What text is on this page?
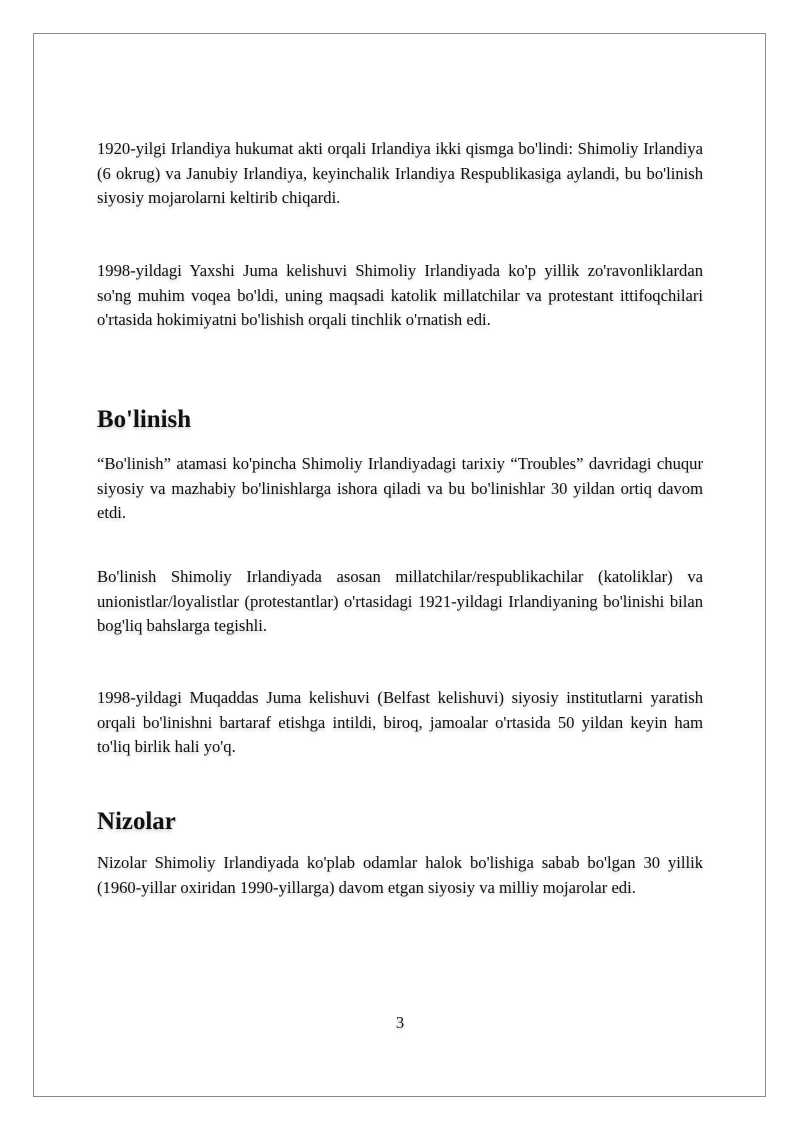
1920-yilgi Irlandiya hukumat akti orqali Irlandiya ikki qismga bo'lindi: Shimoliy Irlandiya (6 okrug) va Janubiy Irlandiya, keyinchalik Irlandiya Respublikasiga aylandi, bu bo'linish siyosiy mojarolarni keltirib chiqardi.

1998-yildagi Yaxshi Juma kelishuvi Shimoliy Irlandiyada ko'p yillik zo'ravonliklardan so'ng muhim voqea bo'ldi, uning maqsadi katolik millatchilar va protestant ittifoqchilari o'rtasida hokimiyatni bo'lishish orqali tinchlik o'rnatish edi.

Bo'linish

“Bo'linish” atamasi ko'pincha Shimoliy Irlandiyadagi tarixiy “Troubles” davridagi chuqur siyosiy va mazhabiy bo'linishlarga ishora qiladi va bu bo'linishlar 30 yildan ortiq davom etdi.

Bo'linish Shimoliy Irlandiyada asosan millatchilar/respublikachilar (katoliklar) va unionistlar/loyalistlar (protestantlar) o'rtasidagi 1921-yildagi Irlandiyaning bo'linishi bilan bog'liq bahslarga tegishli.

1998-yildagi Muqaddas Juma kelishuvi (Belfast kelishuvi) siyosiy institutlarni yaratish orqali bo'linishni bartaraf etishga intildi, biroq, jamoalar o'rtasida 50 yildan keyin ham to'liq birlik hali yo'q.

Nizolar

Nizolar Shimoliy Irlandiyada ko'plab odamlar halok bo'lishiga sabab bo'lgan 30 yillik (1960-yillar oxiridan 1990-yillarga) davom etgan siyosiy va milliy mojarolar edi.

3
